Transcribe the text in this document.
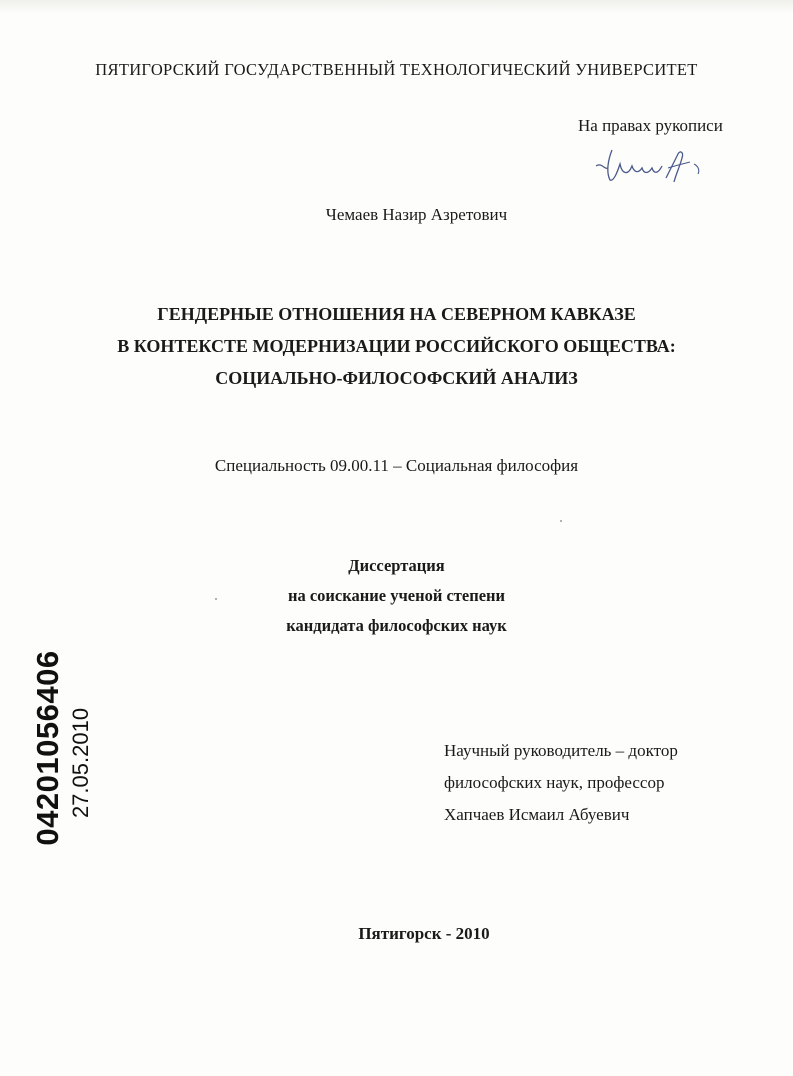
ПЯТИГОРСКИЙ ГОСУДАРСТВЕННЫЙ ТЕХНОЛОГИЧЕСКИЙ УНИВЕРСИТЕТ
На правах рукописи
Чемаев Назир Азретович
ГЕНДЕРНЫЕ ОТНОШЕНИЯ НА СЕВЕРНОМ КАВКАЗЕ
В КОНТЕКСТЕ МОДЕРНИЗАЦИИ РОССИЙСКОГО ОБЩЕСТВА:
СОЦИАЛЬНО-ФИЛОСОФСКИЙ АНАЛИЗ
Специальность 09.00.11 – Социальная философия
Диссертация
на соискание ученой степени
кандидата философских наук
Научный руководитель – доктор
философских наук, профессор
Хапчаев Исмаил Абуевич
Пятигорск - 2010
04201056406 27.05.2010
